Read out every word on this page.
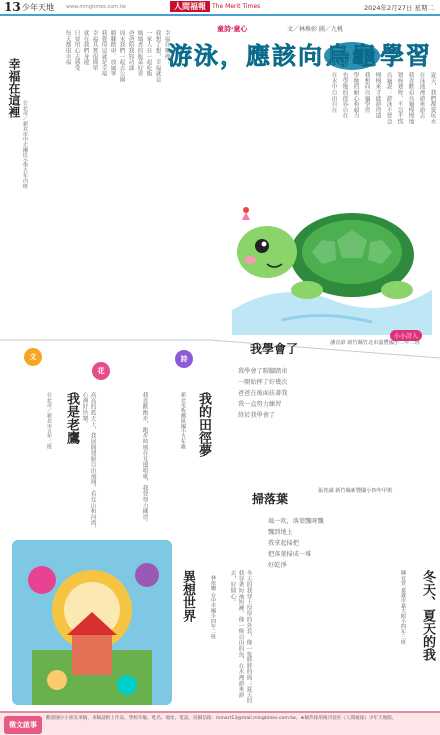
13 少年天地 www.mingtimes.com.tw	人間福報	The Merit Times	2024年2月27日 星期二
幸福在這裡
台北市／新北市中正國民小學五年丙班
幸福在哪裡？
我想了想，幸福就是
一家人在一起吃飯
媽媽煮的飯菜好香
爸爸陪我寫功課
周末我們一起去公園
騎腳踏車、放風箏
我覺得這就是幸福
幸福其實很簡單
就在我們身邊
只要用心去感受
每天都很幸福
童詩‧童心	文／林煥彰 圖／九桃
游泳，應該向烏龜學習
夏天，我們都愛玩水
在泳池裡游來游去
我喜歡看烏龜慢慢地
划呀划呀，不急不慌
烏龜說：游泳不要急
慢慢來才能游得遠
我想向烏龜學習
學牠的耐心和毅力
也學牠的從容自在
在水中自由自在
小小詩人
文
花
詩
我學會了	潘宜諺 新竹縣竹北市嘉豐國小二年二班
我學會了騎腳踏車
一開始摔了好幾次
爸爸在後面扶著我
我一直努力練習
終於我學會了
掃落葉
張育誠 新竹縣新豐國小四年甲班
風一吹，落葉飄呀飄
飄到地上
我拿起掃把
把落葉掃成一堆
好乾淨
我是老鷹
台北市／新北市五年二班	高高的藍天上，我展開翅膀自由飛翔，看見山和河流，心裡好快樂。	我的田徑夢
新北市板橋區國小五年級
我喜歡跑步，跑步時風在耳邊唱歌，我要努力練習。
異想世界	林依姍 台中市國小四年二班	冬天、夏天的我
陳宜萱 嘉義市嘉大附小四年三班
冬天的我穿上厚厚的外套，像一隻胖胖的熊；夏天的我穿著短袖短褲，像一條自由的魚，在水裡游來游去，好開心。
徵文啟事
歡迎國小小朋友來稿，來稿請附上作品、學校年級、姓名、地址、電話。投稿信箱：mmart13@mail.mingtimes.com.tw。★稿件採用後刊登於《人間福報》少年天地版。
